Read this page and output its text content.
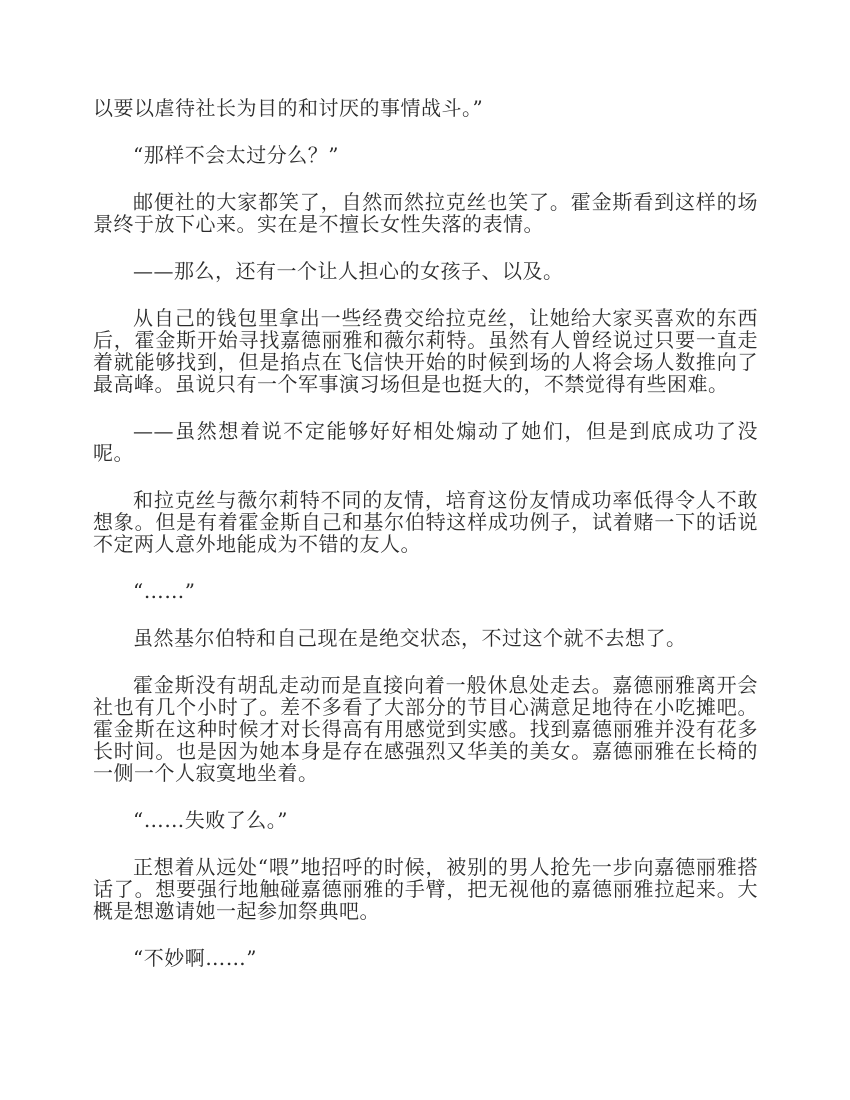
以要以虐待社长为目的和讨厌的事情战斗。”

“那样不会太过分么？”

邮便社的大家都笑了，自然而然拉克丝也笑了。霍金斯看到这样的场景终于放下心来。实在是不擅长女性失落的表情。

——那么，还有一个让人担心的女孩子、以及。

从自己的钱包里拿出一些经费交给拉克丝，让她给大家买喜欢的东西后，霍金斯开始寻找嘉德丽雅和薇尔莉特。虽然有人曾经说过只要一直走着就能够找到，但是掐点在飞信快开始的时候到场的人将会场人数推向了最高峰。虽说只有一个军事演习场但是也挺大的，不禁觉得有些困难。

——虽然想着说不定能够好好相处煽动了她们，但是到底成功了没呢。

和拉克丝与薇尔莉特不同的友情，培育这份友情成功率低得令人不敢想象。但是有着霍金斯自己和基尔伯特这样成功例子，试着赌一下的话说不定两人意外地能成为不错的友人。

“……”

虽然基尔伯特和自己现在是绝交状态，不过这个就不去想了。

霍金斯没有胡乱走动而是直接向着一般休息处走去。嘉德丽雅离开会社也有几个小时了。差不多看了大部分的节目心满意足地待在小吃摊吧。霍金斯在这种时候才对长得高有用感觉到实感。找到嘉德丽雅并没有花多长时间。也是因为她本身是存在感强烈又华美的美女。嘉德丽雅在长椅的一侧一个人寂寞地坐着。

“……失败了么。”

正想着从远处“喂”地招呼的时候，被别的男人抢先一步向嘉德丽雅搭话了。想要强行地触碰嘉德丽雅的手臂，把无视他的嘉德丽雅拉起来。大概是想邀请她一起参加祭典吧。

“不妙啊……”
